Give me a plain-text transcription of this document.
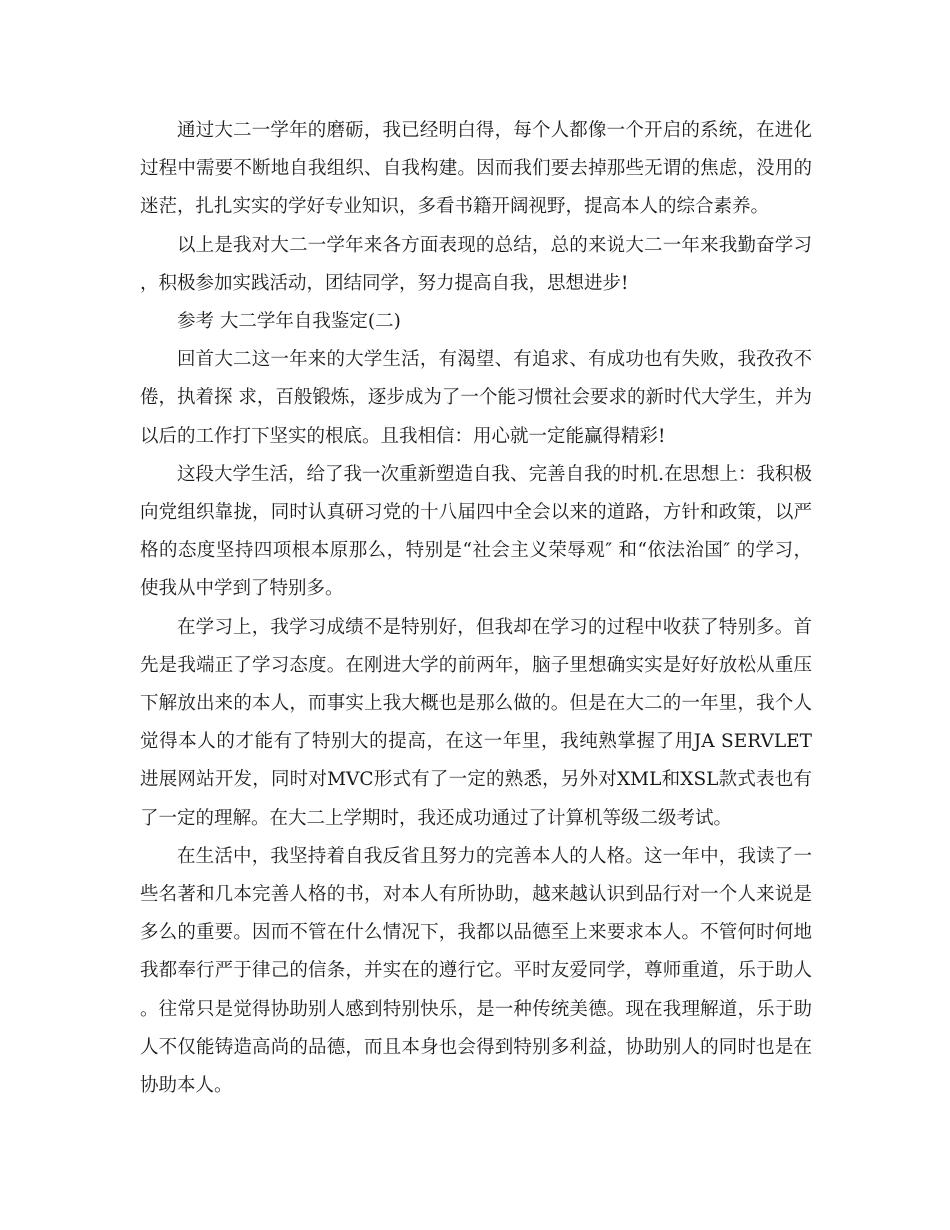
通过大二一学年的磨砺，我已经明白得，每个人都像一个开启的系统，在进化过程中需要不断地自我组织、自我构建。因而我们要去掉那些无谓的焦虑，没用的迷茫，扎扎实实的学好专业知识，多看书籍开阔视野，提高本人的综合素养。

以上是我对大二一学年来各方面表现的总结，总的来说大二一年来我勤奋学习，积极参加实践活动，团结同学，努力提高自我，思想进步!

参考 大二学年自我鉴定(二)

回首大二这一年来的大学生活，有渴望、有追求、有成功也有失败，我孜孜不倦，执着探 求，百般锻炼，逐步成为了一个能习惯社会要求的新时代大学生，并为以后的工作打下坚实的根底。且我相信：用心就一定能赢得精彩!

这段大学生活，给了我一次重新塑造自我、完善自我的时机.在思想上：我积极向党组织靠拢，同时认真研习党的十八届四中全会以来的道路，方针和政策，以严格的态度坚持四项根本原那么，特别是“社会主义荣辱观″ 和“依法治国″ 的学习，使我从中学到了特别多。

在学习上，我学习成绩不是特别好，但我却在学习的过程中收获了特别多。首先是我端正了学习态度。在刚进大学的前两年，脑子里想确实实是好好放松从重压下解放出来的本人，而事实上我大概也是那么做的。但是在大二的一年里，我个人觉得本人的才能有了特别大的提高，在这一年里，我纯熟掌握了用JA SERVLET 进展网站开发，同时对MVC形式有了一定的熟悉，另外对XML和XSL款式表也有了一定的理解。在大二上学期时，我还成功通过了计算机等级二级考试。

在生活中，我坚持着自我反省且努力的完善本人的人格。这一年中，我读了一些名著和几本完善人格的书，对本人有所协助，越来越认识到品行对一个人来说是多么的重要。因而不管在什么情况下，我都以品德至上来要求本人。不管何时何地我都奉行严于律己的信条，并实在的遵行它。平时友爱同学，尊师重道，乐于助人。往常只是觉得协助别人感到特别快乐，是一种传统美德。现在我理解道，乐于助人不仅能铸造高尚的品德，而且本身也会得到特别多利益，协助别人的同时也是在协助本人。
